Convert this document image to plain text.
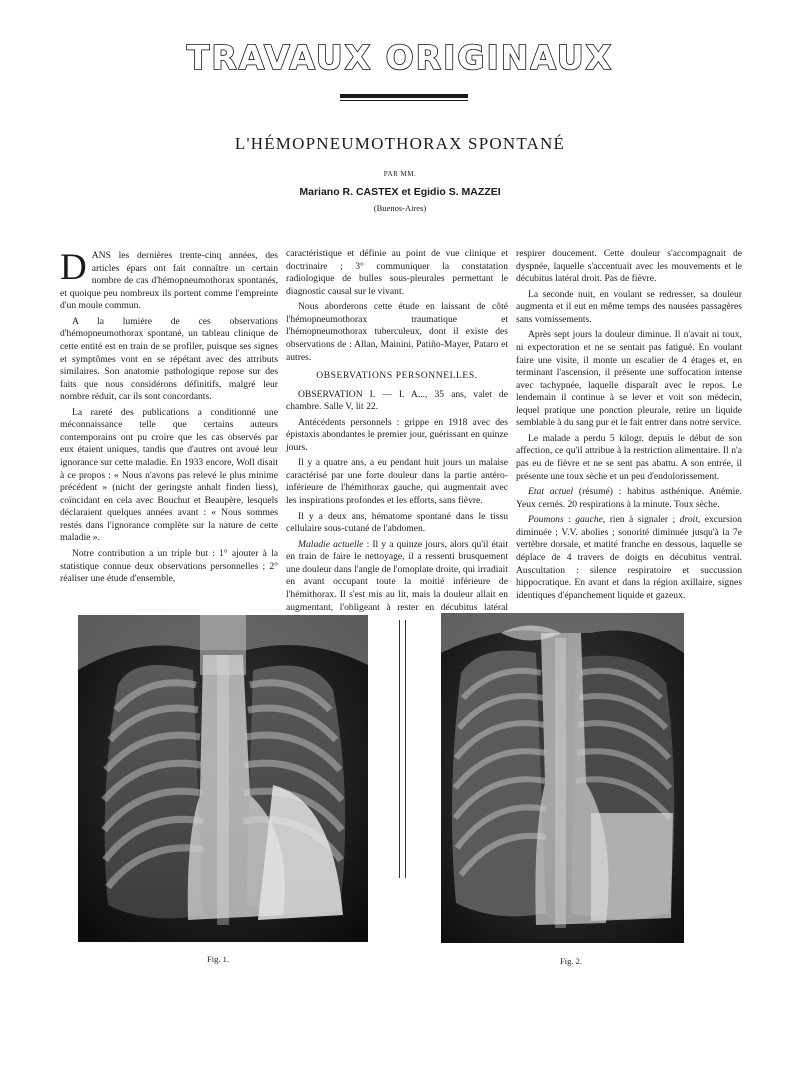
TRAVAUX ORIGINAUX
L'HÉMOPNEUMOTHORAX SPONTANÉ
PAR MM.
Mariano R. CASTEX et Egidio S. MAZZEI
(Buenos-Aires)

DANS les dernières trente-cinq années, des articles épars ont fait connaître un certain nombre de cas d'hémopneumothorax spontanés, et quoique peu nombreux ils portent comme l'empreinte d'un moule commun.

A la lumière de ces observations d'hémopneumothorax spontané, un tableau clinique de cette entité est en train de se profiler, puisque ses signes et symptômes vont en se répétant avec des attributs similaires. Son anatomie pathologique repose sur des faits que nous considérons définitifs, malgré leur nombre réduit, car ils sont concordants.

La rareté des publications a conditionné une méconnaissance telle que certains auteurs contemporains ont pu croire que les cas observés par eux étaient uniques, tandis que d'autres ont avoué leur ignorance sur cette maladie. En 1933 encore, Woll disait à ce propos : « Nous n'avons pas relevé le plus minime précédent » (nicht der geringste anhalt finden liess), coïncidant en cela avec Bouchut et Beaupère, lesquels déclaraient quelques années avant : « Nous sommes restés dans l'ignorance complète sur la nature de cette maladie ».

Notre contribution a un triple but : 1° ajouter à la statistique connue deux observations personnelles ; 2° réaliser une étude d'ensemble,

caractéristique et définie au point de vue clinique et doctrinaire ; 3° communiquer la constatation radiologique de bulles sous-pleurales permettant le diagnostic causal sur le vivant.

Nous aborderons cette étude en laissant de côté l'hémopneumothorax traumatique et l'hémopneumothorax tuberculeux, dont il existe des observations de : Allan, Mainini, Patiño-Mayer, Pataro et autres.

OBSERVATIONS PERSONNELLES.

OBSERVATION I. — I. A..., 35 ans, valet de chambre. Salle V, lit 22.

Antécédents personnels : grippe en 1918 avec des épistaxis abondantes le premier jour, guérissant en quinze jours.

Il y a quatre ans, a eu pendant huit jours un malaise caractérisé par une forte douleur dans la partie antéro-inférieure de l'hémithorax gauche, qui augmentait avec les inspirations profondes et les efforts, sans fièvre.

Il y a deux ans, hématome spontané dans le tissu cellulaire sous-cutané de l'abdomen.

Maladie actuelle : Il y a quinze jours, alors qu'il était en train de faire le nettoyage, il a ressenti brusquement une douleur dans l'angle de l'omoplate droite, qui irradiait en avant occupant toute la moitié inférieure de l'hémithorax. Il s'est mis au lit, mais la douleur allait en augmentant, l'obligeant à rester en décubitus latéral

respirer doucement. Cette douleur s'accompagnait de dyspnée, laquelle s'accentuait avec les mouvements et le décubitus latéral droit. Pas de fièvre.

La seconde nuit, en voulant se redresser, sa douleur augmenta et il eut en même temps des nausées passagères sans vomissements.

Après sept jours la douleur diminue. Il n'avait ni toux, ni expectoration et ne se sentait pas fatigué. En voulant faire une visite, il monte un escalier de 4 étages et, en terminant l'ascension, il présente une suffocation intense avec tachypnée, laquelle disparaît avec le repos. Le lendemain il continue à se lever et voit son médecin, lequel pratique une ponction pleurale, retire un liquide semblable à du sang pur et le fait entrer dans notre service.

Le malade a perdu 5 kilogr. depuis le début de son affection, ce qu'il attribue à la restriction alimentaire. Il n'a pas eu de fièvre et ne se sent pas abattu. A son entrée, il présente une toux sèche et un peu d'endolorissement.

Etat actuel (résumé) : habitus asthénique. Anémie. Yeux cernés. 20 respirations à la minute. Toux sèche.

Poumons : gauche, rien à signaler ; droit, excursion diminuée ; V.V. abolies ; sonorité diminuée jusqu'à la 7e vertèbre dorsale, et matité franche en dessous, laquelle se déplace de 4 travers de doigts en décubitus ventral. Auscultation : silence respiratoire et succussion hippocratique. En avant et dans la région axillaire, signes identiques d'épanchement liquide et gazeux.

Fig. 1.	Fig. 2.
